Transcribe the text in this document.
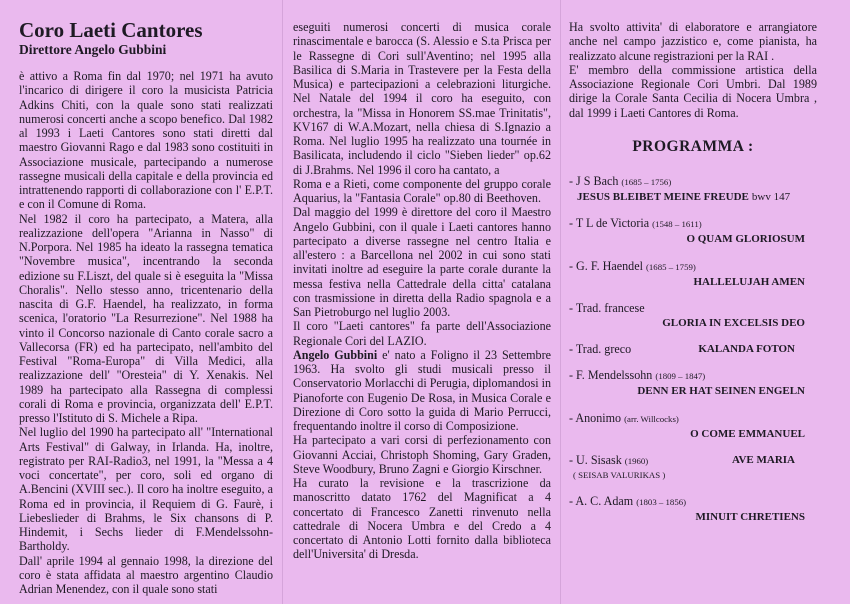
Coro Laeti Cantores
Direttore Angelo Gubbini

è attivo a Roma fin dal 1970; nel 1971 ha avuto l'incarico di dirigere il coro la musicista Patricia Adkins Chiti, con la quale sono stati realizzati numerosi concerti anche a scopo benefico. Dal 1982 al 1993 i Laeti Cantores sono stati diretti dal maestro Giovanni Rago e dal 1983 sono costituiti in Associazione musicale, partecipando a numerose rassegne musicali della capitale e della provincia ed intrattenendo rapporti di collaborazione con l' E.P.T. e con il Comune di Roma.

Nel 1982 il coro ha partecipato, a Matera, alla realizzazione dell'opera "Arianna in Nasso" di N.Porpora. Nel 1985 ha ideato la rassegna tematica "Novembre musica", incentrando la seconda edizione su F.Liszt, del quale si è eseguita la "Missa Choralis". Nello stesso anno, tricentenario della nascita di G.F. Haendel, ha realizzato, in forma scenica, l'oratorio "La Resurrezione". Nel 1988 ha vinto il Concorso nazionale di Canto corale sacro a Vallecorsa (FR) ed ha partecipato, nell'ambito del Festival "Roma-Europa" di Villa Medici, alla realizzazione dell' "Oresteia" di Y. Xenakis. Nel 1989 ha partecipato alla Rassegna di complessi corali di Roma e provincia, organizzata dell' E.P.T. presso l'Istituto di S. Michele a Ripa.

Nel luglio del 1990 ha partecipato all' "International Arts Festival" di Galway, in Irlanda. Ha, inoltre, registrato per RAI-Radio3, nel 1991, la "Messa a 4 voci concertate", per coro, soli ed organo di A.Bencini (XVIII sec.). Il coro ha inoltre eseguito, a Roma ed in provincia, il Requiem di G. Faurè, i Liebeslieder di Brahms, le Six chansons di P. Hindemit, i Sechs lieder di F.Mendelssohn-Bartholdy.

Dall' aprile 1994 al gennaio 1998, la direzione del coro è stata affidata al maestro argentino Claudio Adrian Menendez, con il quale sono stati

eseguiti numerosi concerti di musica corale rinascimentale e barocca (S. Alessio e S.ta Prisca per le Rassegne di Cori sull'Aventino; nel 1995 alla Basilica di S.Maria in Trastevere per la Festa della Musica) e partecipazioni a celebrazioni liturgiche. Nel Natale del 1994 il coro ha eseguito, con orchestra, la "Missa in Honorem SS.mae Trinitatis", KV167 di W.A.Mozart, nella chiesa di S.Ignazio a Roma. Nel luglio 1995 ha realizzato una tournée in Basilicata, includendo il ciclo "Sieben lieder" op.62 di J.Brahms. Nel 1996 il coro ha cantato, a

Roma e a Rieti, come componente del gruppo corale Aquarius, la "Fantasia Corale" op.80 di Beethoven.

Dal maggio del 1999 è direttore del coro il Maestro Angelo Gubbini, con il quale i Laeti cantores hanno partecipato a diverse rassegne nel centro Italia e all'estero : a Barcellona nel 2002 in cui sono stati invitati inoltre ad eseguire la parte corale durante la messa festiva nella Cattedrale della citta' catalana con trasmissione in diretta della Radio spagnola e a San Pietroburgo nel luglio 2003.

Il coro "Laeti cantores" fa parte dell'Associazione Regionale Cori del LAZIO.

Angelo Gubbini e' nato a Foligno il 23 Settembre 1963. Ha svolto gli studi musicali presso il Conservatorio Morlacchi di Perugia, diplomandosi in Pianoforte con Eugenio De Rosa, in Musica Corale e Direzione di Coro sotto la guida di Mario Perrucci, frequentando inoltre il corso di Composizione.

Ha partecipato a vari corsi di perfezionamento con Giovanni Acciai, Christoph Shoming, Gary Graden, Steve Woodbury, Bruno Zagni e Giorgio Kirschner.

Ha curato la revisione e la trascrizione da manoscritto datato 1762 del Magnificat a 4 concertato di Francesco Zanetti rinvenuto nella cattedrale di Nocera Umbra e del Credo a 4 concertato di Antonio Lotti fornito dalla biblioteca dell'Universita' di Dresda.

Ha svolto attivita' di elaboratore e arrangiatore anche nel campo jazzistico e, come pianista, ha realizzato alcune registrazioni per la RAI .

E' membro della commissione artistica della Associazione Regionale Cori Umbri. Dal 1989 dirige la Corale Santa Cecilia di Nocera Umbra , dal 1999 i Laeti Cantores di Roma.

PROGRAMMA :
- J S Bach (1685 – 1756)
JESUS BLEIBET MEINE FREUDE bwv 147
- T L de Victoria (1548 – 1611)
O QUAM GLORIOSUM
- G. F. Haendel (1685 – 1759)
HALLELUJAH AMEN
- Trad. francese
GLORIA IN EXCELSIS DEO
- Trad. greco	KALANDA FOTON
- F. Mendelssohn (1809 – 1847)
DENN ER HAT SEINEN ENGELN
- Anonimo (arr. Willcocks)
O COME EMMANUEL
- U. Sisask (1960)	AVE MARIA
( SEISAB VALURIKAS )
- A. C. Adam (1803 – 1856)
MINUIT CHRETIENS
